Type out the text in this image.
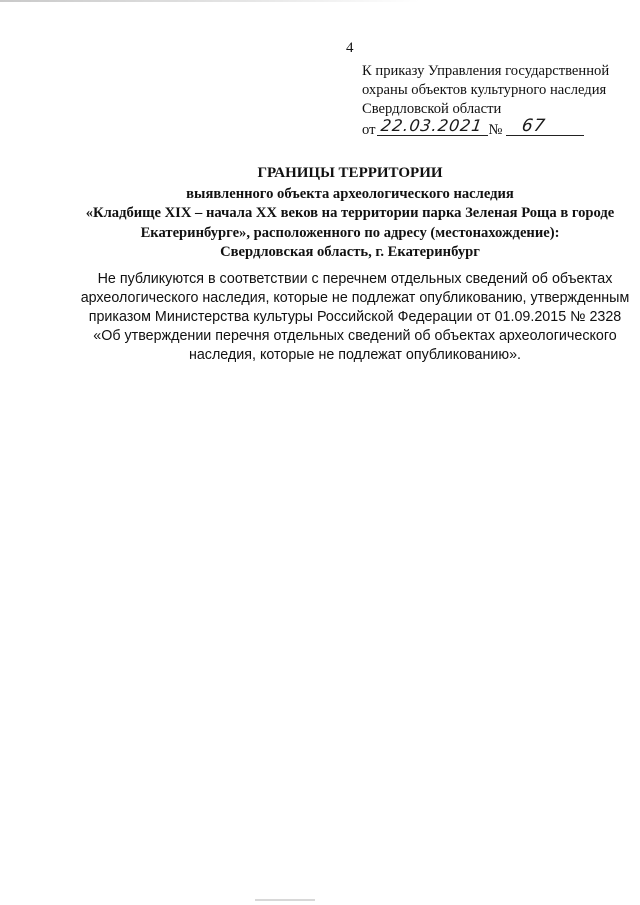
4
К приказу Управления государственной
охраны объектов культурного наследия
Свердловской области
от 22.03.2021 № 67
ГРАНИЦЫ ТЕРРИТОРИИ
выявленного объекта археологического наследия
«Кладбище XIX – начала XX веков на территории парка Зеленая Роща в городе
Екатеринбурге», расположенного по адресу (местонахождение):
Свердловская область, г. Екатеринбург
Не публикуются в соответствии с перечнем отдельных сведений об объектах
археологического наследия, которые не подлежат опубликованию, утвержденным
приказом Министерства культуры Российской Федерации от 01.09.2015 № 2328
«Об утверждении перечня отдельных сведений об объектах археологического
наследия, которые не подлежат опубликованию».
